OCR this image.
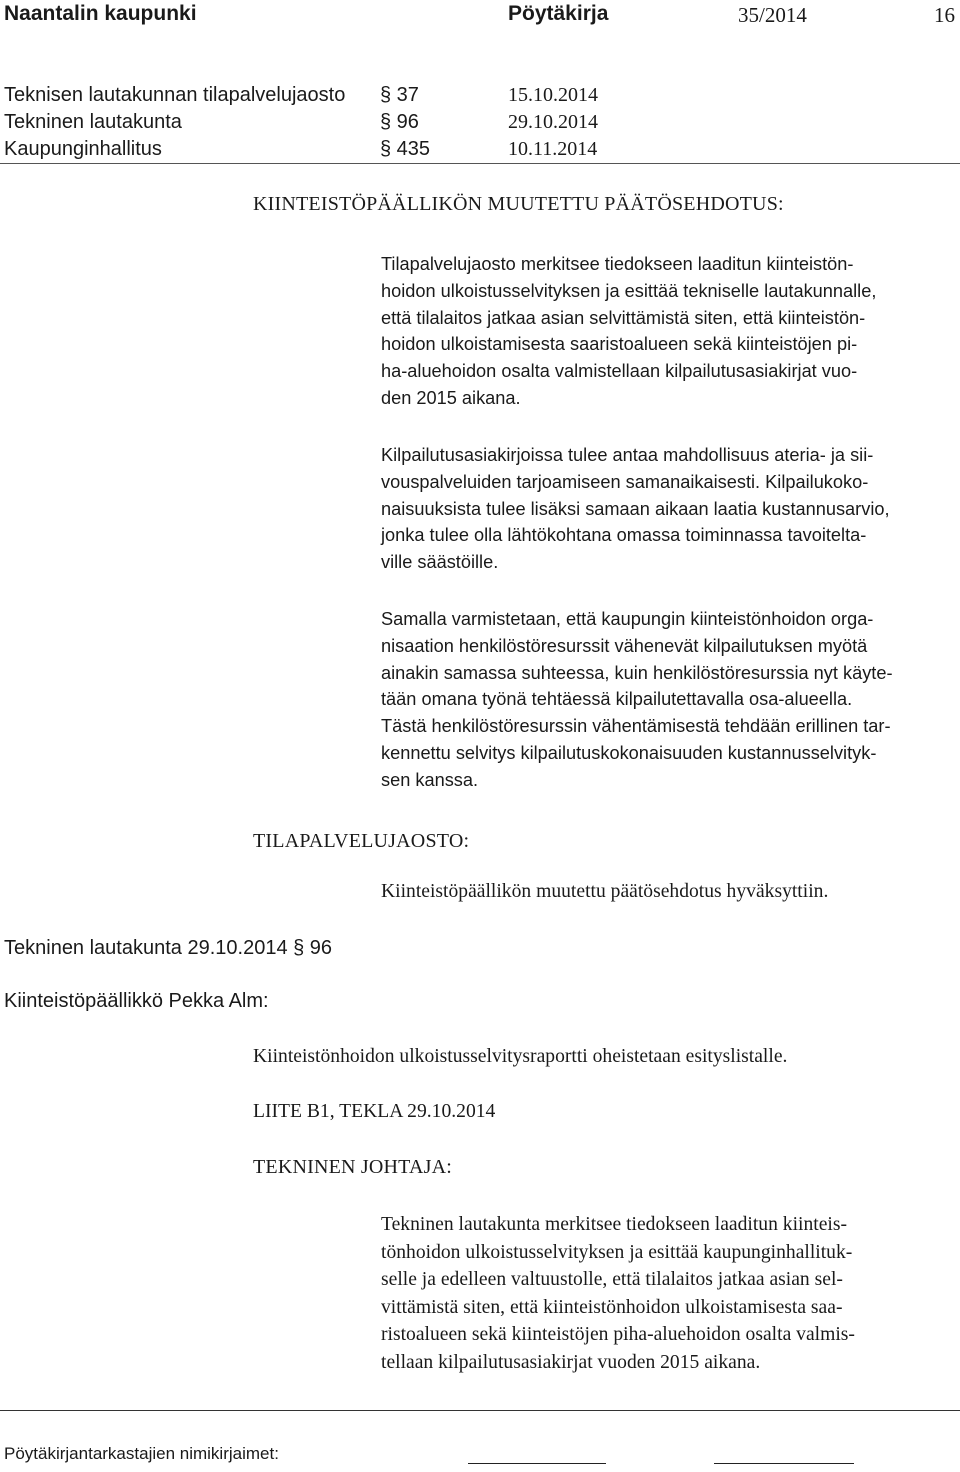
Naantalin kaupunki	Pöytäkirja	35/2014	16
Teknisen lautakunnan tilapalvelujaosto § 37	15.10.2014
Tekninen lautakunta	§ 96	29.10.2014
Kaupunginhallitus	§ 435	10.11.2014
KIINTEISTÖPÄÄLLIKÖN MUUTETTU PÄÄTÖSEHDOTUS:

Tilapalvelujaosto merkitsee tiedokseen laaditun kiinteistön-
hoidon ulkoistusselvityksen ja esittää tekniselle lautakunnalle,
että tilalaitos jatkaa asian selvittämistä siten, että kiinteistön-
hoidon ulkoistamisesta saaristoalueen sekä kiinteistöjen pi-
ha-aluehoidon osalta valmistellaan kilpailutusasiakirjat vuo-
den 2015 aikana.

Kilpailutusasiakirjoissa tulee antaa mahdollisuus ateria- ja sii-
vouspalveluiden tarjoamiseen samanaikaisesti. Kilpailukoko-
naisuuksista tulee lisäksi samaan aikaan laatia kustannusarvio,
jonka tulee olla lähtökohtana omassa toiminnassa tavoitelta-
ville säästöille.

Samalla varmistetaan, että kaupungin kiinteistönhoidon orga-
nisaation henkilöstöresurssit vähenevät kilpailutuksen myötä
ainakin samassa suhteessa, kuin henkilöstöresurssia nyt käyte-
tään omana työnä tehtäessä kilpailutettavalla osa-alueella.
Tästä henkilöstöresurssin vähentämisestä tehdään erillinen tar-
kennettu selvitys kilpailutuskokonaisuuden kustannusselvityk-
sen kanssa.

TILAPALVELUJAOSTO:
Kiinteistöpäällikön muutettu päätösehdotus hyväksyttiin.
Tekninen lautakunta 29.10.2014 § 96
Kiinteistöpäällikkö Pekka Alm:
Kiinteistönhoidon ulkoistusselvitysraportti oheistetaan esityslistalle.
LIITE B1, TEKLA 29.10.2014
TEKNINEN JOHTAJA:

Tekninen lautakunta merkitsee tiedokseen laaditun kiinteis-
tönhoidon ulkoistusselvityksen ja esittää kaupunginhallituk-
selle ja edelleen valtuustolle, että tilalaitos jatkaa asian sel-
vittämistä siten, että kiinteistönhoidon ulkoistamisesta saa-
ristoalueen sekä kiinteistöjen piha-aluehoidon osalta valmis-
tellaan kilpailutusasiakirjat vuoden 2015 aikana.

Pöytäkirjantarkastajien nimikirjaimet:
